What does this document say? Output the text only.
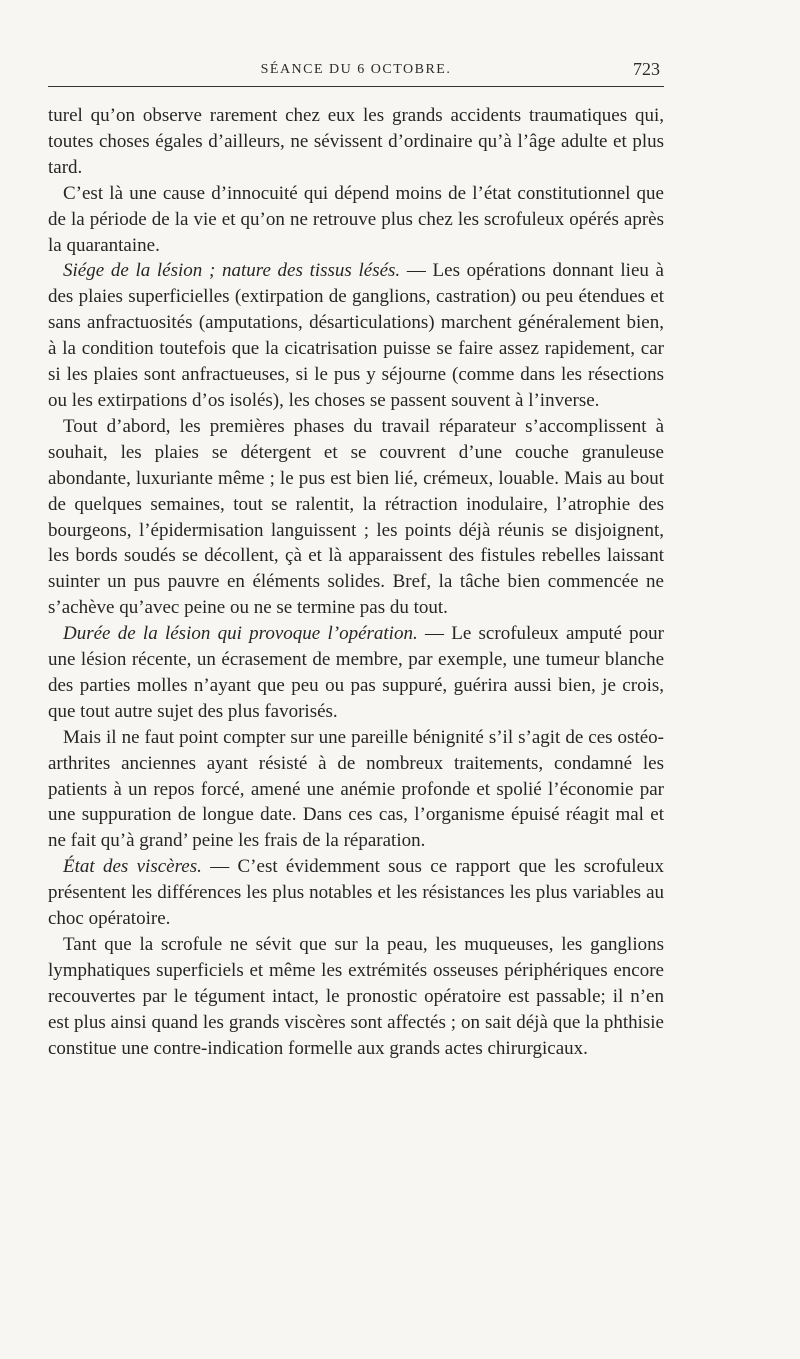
SÉANCE DU 6 OCTOBRE.	723

turel qu’on observe rarement chez eux les grands accidents traumatiques qui, toutes choses égales d’ailleurs, ne sévissent d’ordinaire qu’à l’âge adulte et plus tard.

C’est là une cause d’innocuité qui dépend moins de l’état constitutionnel que de la période de la vie et qu’on ne retrouve plus chez les scrofuleux opérés après la quarantaine.

Siége de la lésion ; nature des tissus lésés. — Les opérations donnant lieu à des plaies superficielles (extirpation de ganglions, castration) ou peu étendues et sans anfractuosités (amputations, désarticulations) marchent généralement bien, à la condition toutefois que la cicatrisation puisse se faire assez rapidement, car si les plaies sont anfractueuses, si le pus y séjourne (comme dans les résections ou les extirpations d’os isolés), les choses se passent souvent à l’inverse.

Tout d’abord, les premières phases du travail réparateur s’accomplissent à souhait, les plaies se détergent et se couvrent d’une couche granuleuse abondante, luxuriante même ; le pus est bien lié, crémeux, louable. Mais au bout de quelques semaines, tout se ralentit, la rétraction inodulaire, l’atrophie des bourgeons, l’épidermisation languissent ; les points déjà réunis se disjoignent, les bords soudés se décollent, çà et là apparaissent des fistules rebelles laissant suinter un pus pauvre en éléments solides. Bref, la tâche bien commencée ne s’achève qu’avec peine ou ne se termine pas du tout.

Durée de la lésion qui provoque l’opération. — Le scrofuleux amputé pour une lésion récente, un écrasement de membre, par exemple, une tumeur blanche des parties molles n’ayant que peu ou pas suppuré, guérira aussi bien, je crois, que tout autre sujet des plus favorisés.

Mais il ne faut point compter sur une pareille bénignité s’il s’agit de ces ostéo-arthrites anciennes ayant résisté à de nombreux traitements, condamné les patients à un repos forcé, amené une anémie profonde et spolié l’économie par une suppuration de longue date. Dans ces cas, l’organisme épuisé réagit mal et ne fait qu’à grand’ peine les frais de la réparation.

État des viscères. — C’est évidemment sous ce rapport que les scrofuleux présentent les différences les plus notables et les résistances les plus variables au choc opératoire.

Tant que la scrofule ne sévit que sur la peau, les muqueuses, les ganglions lymphatiques superficiels et même les extrémités osseuses périphériques encore recouvertes par le tégument intact, le pronostic opératoire est passable; il n’en est plus ainsi quand les grands viscères sont affectés ; on sait déjà que la phthisie constitue une contre-indication formelle aux grands actes chirurgicaux.
